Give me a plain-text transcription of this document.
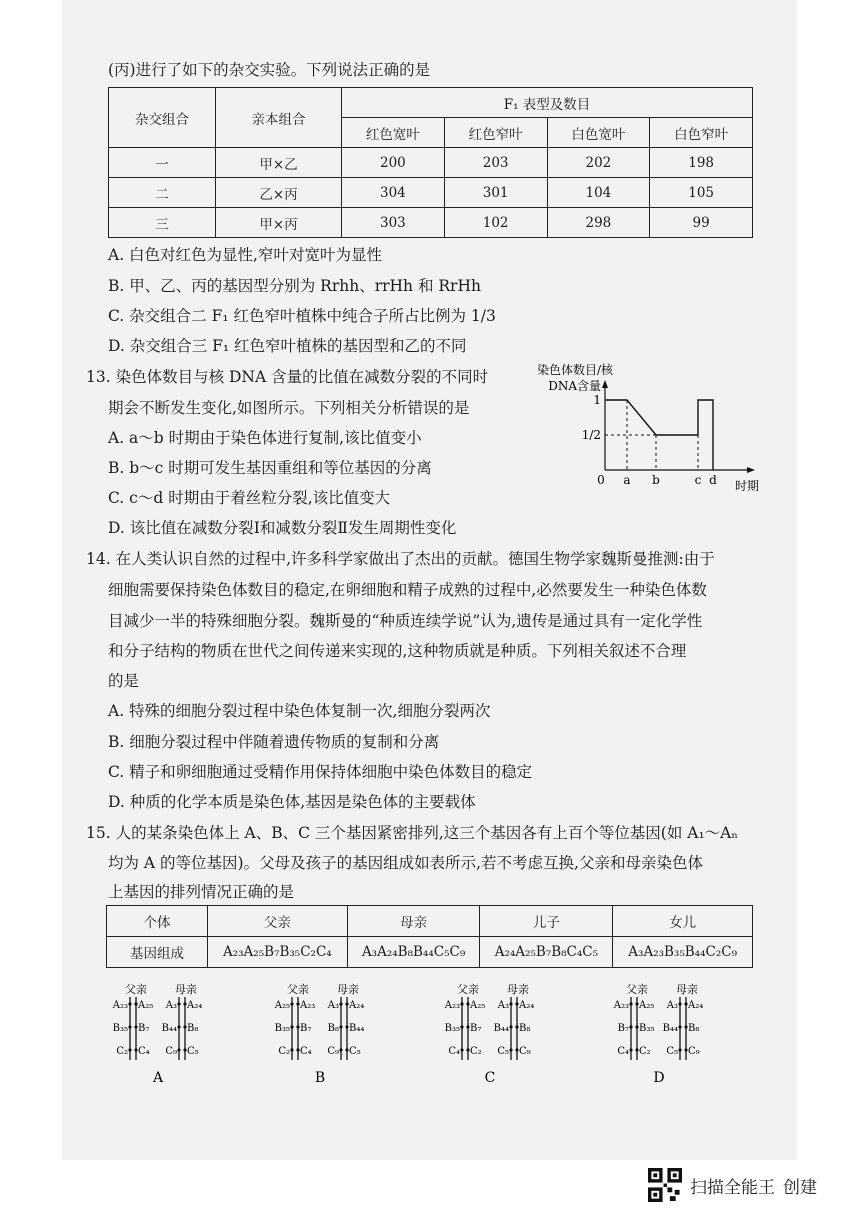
(丙)进行了如下的杂交实验。下列说法正确的是
杂交组合	亲本组合	F₁ 表型及数目			
		红色宽叶	红色窄叶	白色宽叶	白色窄叶
一	甲×乙	200	203	202	198
二	乙×丙	304	301	104	105
三	甲×丙	303	102	298	99
A. 白色对红色为显性,窄叶对宽叶为显性
B. 甲、乙、丙的基因型分别为 Rrhh、rrHh 和 RrHh
C. 杂交组合二 F₁ 红色窄叶植株中纯合子所占比例为 1/3
D. 杂交组合三 F₁ 红色窄叶植株的基因型和乙的不同
13. 染色体数目与核 DNA 含量的比值在减数分裂的不同时
期会不断发生变化,如图所示。下列相关分析错误的是
A. a～b 时期由于染色体进行复制,该比值变小
B. b～c 时期可发生基因重组和等位基因的分离
C. c～d 时期由于着丝粒分裂,该比值变大
D. 该比值在减数分裂Ⅰ和减数分裂Ⅱ发生周期性变化
染色体数目/核
DNA含量
1
1/2
0 a b	c d 时期
14. 在人类认识自然的过程中,许多科学家做出了杰出的贡献。德国生物学家魏斯曼推测:由于
细胞需要保持染色体数目的稳定,在卵细胞和精子成熟的过程中,必然要发生一种染色体数
目减少一半的特殊细胞分裂。魏斯曼的“种质连续学说”认为,遗传是通过具有一定化学性
和分子结构的物质在世代之间传递来实现的,这种物质就是种质。下列相关叙述不合理
的是
A. 特殊的细胞分裂过程中染色体复制一次,细胞分裂两次
B. 细胞分裂过程中伴随着遗传物质的复制和分离
C. 精子和卵细胞通过受精作用保持体细胞中染色体数目的稳定
D. 种质的化学本质是染色体,基因是染色体的主要载体
15. 人的某条染色体上 A、B、C 三个基因紧密排列,这三个基因各有上百个等位基因(如 A₁～Aₙ
均为 A 的等位基因)。父母及孩子的基因组成如表所示,若不考虑互换,父亲和母亲染色体
上基因的排列情况正确的是
个体	父亲	母亲	儿子	女儿
基因组成	A₂₃A₂₅B₇B₃₅C₂C₄	A₃A₂₄B₈B₄₄C₅C₉	A₂₄A₂₅B₇B₈C₄C₅	A₃A₂₃B₃₅B₄₄C₂C₉
父亲	母亲
A₂₃ A₂₅
B₃₅ B₇
C₂ C₄
A₃ A₂₄
B₄₄ B₈
C₉ C₅
A
父亲	母亲
A₂₅ A₂₃
B₃₅ B₇
C₂ C₄
A₃ A₂₄
B₈ B₄₄
C₉ C₅
B
父亲	母亲
A₂₃ A₂₅
B₃₅ B₇
C₄ C₂
A₃ A₂₄
B₄₄ B₈
C₅ C₉
C
父亲	母亲
A₂₃ A₂₅
B₇ B₃₅
C₄ C₂
A₃ A₂₄
B₄₄ B₈
C₅ C₉
D
扫描全能王 创建
